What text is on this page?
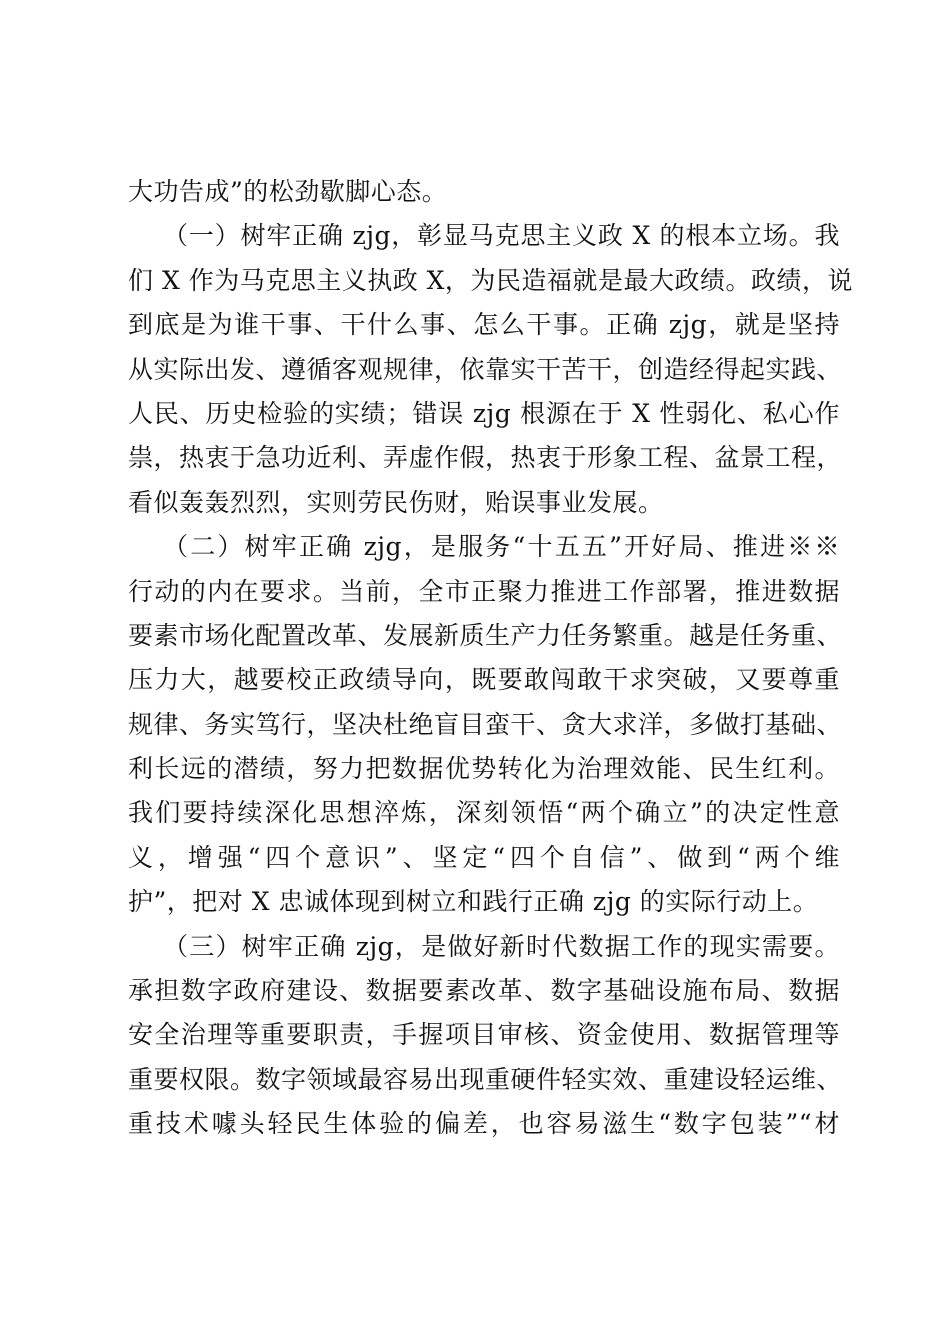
大功告成”的松劲歇脚心态。
（一）树牢正确 zjg，彰显马克思主义政 X 的根本立场。我
们 X 作为马克思主义执政 X，为民造福就是最大政绩。政绩，说
到底是为谁干事、干什么事、怎么干事。正确 zjg，就是坚持
从实际出发、遵循客观规律，依靠实干苦干，创造经得起实践、
人民、历史检验的实绩；错误 zjg 根源在于 X 性弱化、私心作
祟，热衷于急功近利、弄虚作假，热衷于形象工程、盆景工程，
看似轰轰烈烈，实则劳民伤财，贻误事业发展。
（二）树牢正确 zjg，是服务“十五五”开好局、推进※※
行动的内在要求。当前，全市正聚力推进工作部署，推进数据
要素市场化配置改革、发展新质生产力任务繁重。越是任务重、
压力大，越要校正政绩导向，既要敢闯敢干求突破，又要尊重
规律、务实笃行，坚决杜绝盲目蛮干、贪大求洋，多做打基础、
利长远的潜绩，努力把数据优势转化为治理效能、民生红利。
我们要持续深化思想淬炼，深刻领悟“两个确立”的决定性意
义，增强“四个意识”、坚定“四个自信”、做到“两个维
护”，把对 X 忠诚体现到树立和践行正确 zjg 的实际行动上。
（三）树牢正确 zjg，是做好新时代数据工作的现实需要。
承担数字政府建设、数据要素改革、数字基础设施布局、数据
安全治理等重要职责，手握项目审核、资金使用、数据管理等
重要权限。数字领域最容易出现重硬件轻实效、重建设轻运维、
重技术噱头轻民生体验的偏差，也容易滋生“数字包装”“材
